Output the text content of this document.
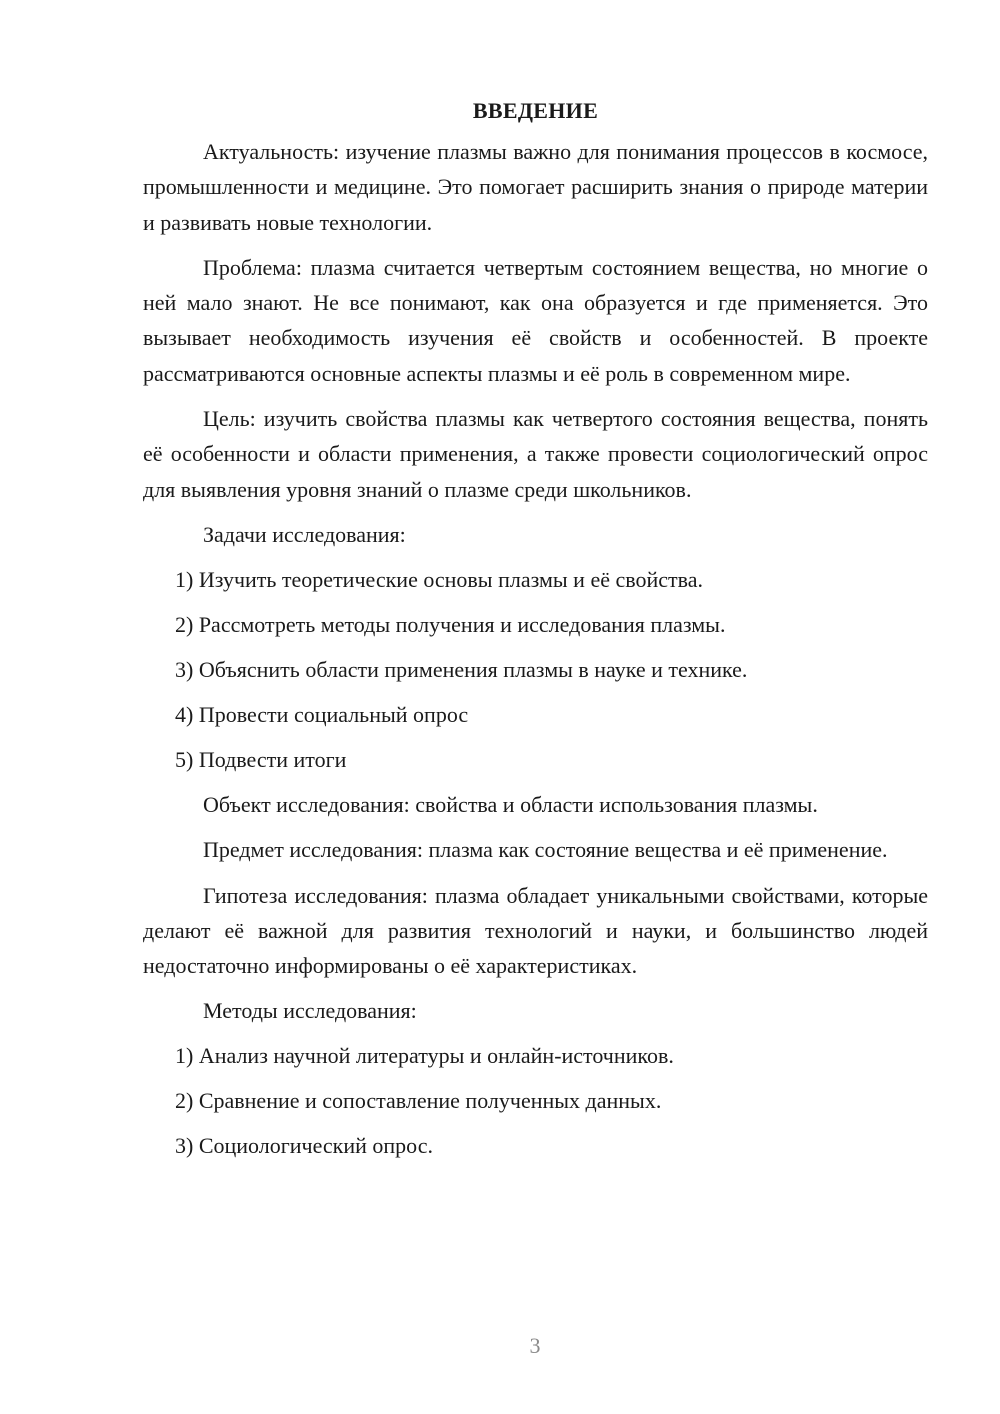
ВВЕДЕНИЕ

Актуальность: изучение плазмы важно для понимания процессов в космосе, промышленности и медицине. Это помогает расширить знания о природе материи и развивать новые технологии.

Проблема: плазма считается четвертым состоянием вещества, но многие о ней мало знают. Не все понимают, как она образуется и где применяется. Это вызывает необходимость изучения её свойств и особенностей. В проекте рассматриваются основные аспекты плазмы и её роль в современном мире.

Цель: изучить свойства плазмы как четвертого состояния вещества, понять её особенности и области применения, а также провести социологический опрос для выявления уровня знаний о плазме среди школьников.

Задачи исследования:
1) Изучить теоретические основы плазмы и её свойства.
2) Рассмотреть методы получения и исследования плазмы.
3) Объяснить области применения плазмы в науке и технике.
4) Провести социальный опрос
5) Подвести итоги

Объект исследования: свойства и области использования плазмы.

Предмет исследования: плазма как состояние вещества и её применение.

Гипотеза исследования: плазма обладает уникальными свойствами, которые делают её важной для развития технологий и науки, и большинство людей недостаточно информированы о её характеристиках.

Методы исследования:
1) Анализ научной литературы и онлайн-источников.
2) Сравнение и сопоставление полученных данных.
3) Социологический опрос.
3
